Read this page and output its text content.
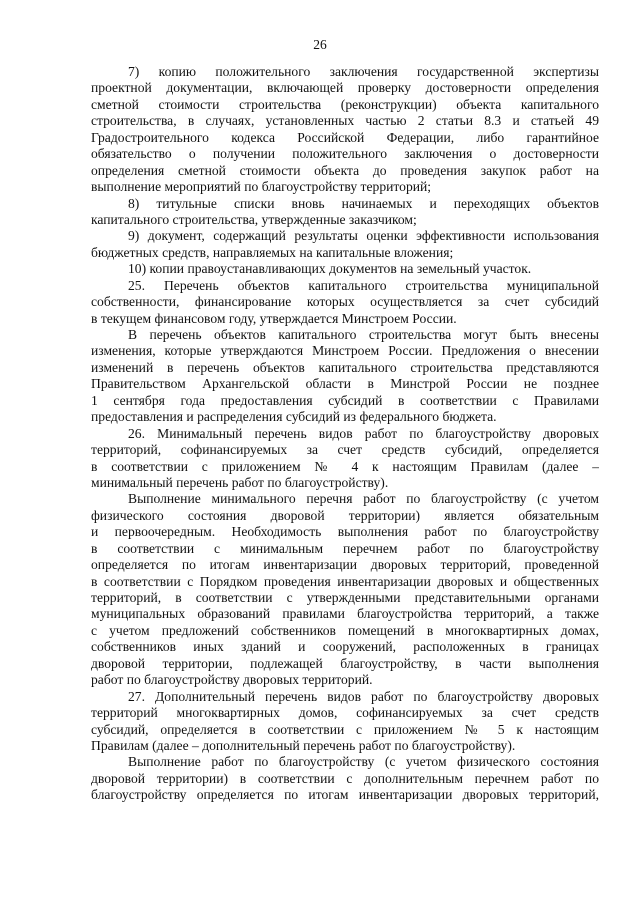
26
7) копию положительного заключения государственной экспертизы
проектной документации, включающей проверку достоверности определения
сметной стоимости строительства (реконструкции) объекта капитального
строительства, в случаях, установленных частью 2 статьи 8.3 и статьей 49
Градостроительного кодекса Российской Федерации, либо гарантийное
обязательство о получении положительного заключения о достоверности
определения сметной стоимости объекта до проведения закупок работ на
выполнение мероприятий по благоустройству территорий;
8) титульные списки вновь начинаемых и переходящих объектов
капитального строительства, утвержденные заказчиком;
9) документ, содержащий результаты оценки эффективности использования
бюджетных средств, направляемых на капитальные вложения;
10) копии правоустанавливающих документов на земельный участок.
25. Перечень объектов капитального строительства муниципальной
собственности, финансирование которых осуществляется за счет субсидий
в текущем финансовом году, утверждается Минстроем России.
В перечень объектов капитального строительства могут быть внесены
изменения, которые утверждаются Минстроем России. Предложения о внесении
изменений в перечень объектов капитального строительства представляются
Правительством Архангельской области в Минстрой России не позднее
1 сентября года предоставления субсидий в соответствии с Правилами
предоставления и распределения субсидий из федерального бюджета.
26. Минимальный перечень видов работ по благоустройству дворовых
территорий, софинансируемых за счет средств субсидий, определяется
в соответствии с приложением № 4 к настоящим Правилам (далее –
минимальный перечень работ по благоустройству).
Выполнение минимального перечня работ по благоустройству (с учетом
физического состояния дворовой территории) является обязательным
и первоочередным. Необходимость выполнения работ по благоустройству
в соответствии с минимальным перечнем работ по благоустройству
определяется по итогам инвентаризации дворовых территорий, проведенной
в соответствии с Порядком проведения инвентаризации дворовых и общественных
территорий, в соответствии с утвержденными представительными органами
муниципальных образований правилами благоустройства территорий, а также
с учетом предложений собственников помещений в многоквартирных домах,
собственников иных зданий и сооружений, расположенных в границах
дворовой территории, подлежащей благоустройству, в части выполнения
работ по благоустройству дворовых территорий.
27. Дополнительный перечень видов работ по благоустройству дворовых
территорий многоквартирных домов, софинансируемых за счет средств
субсидий, определяется в соответствии с приложением № 5 к настоящим
Правилам (далее – дополнительный перечень работ по благоустройству).
Выполнение работ по благоустройству (с учетом физического состояния
дворовой территории) в соответствии с дополнительным перечнем работ по
благоустройству определяется по итогам инвентаризации дворовых территорий,
